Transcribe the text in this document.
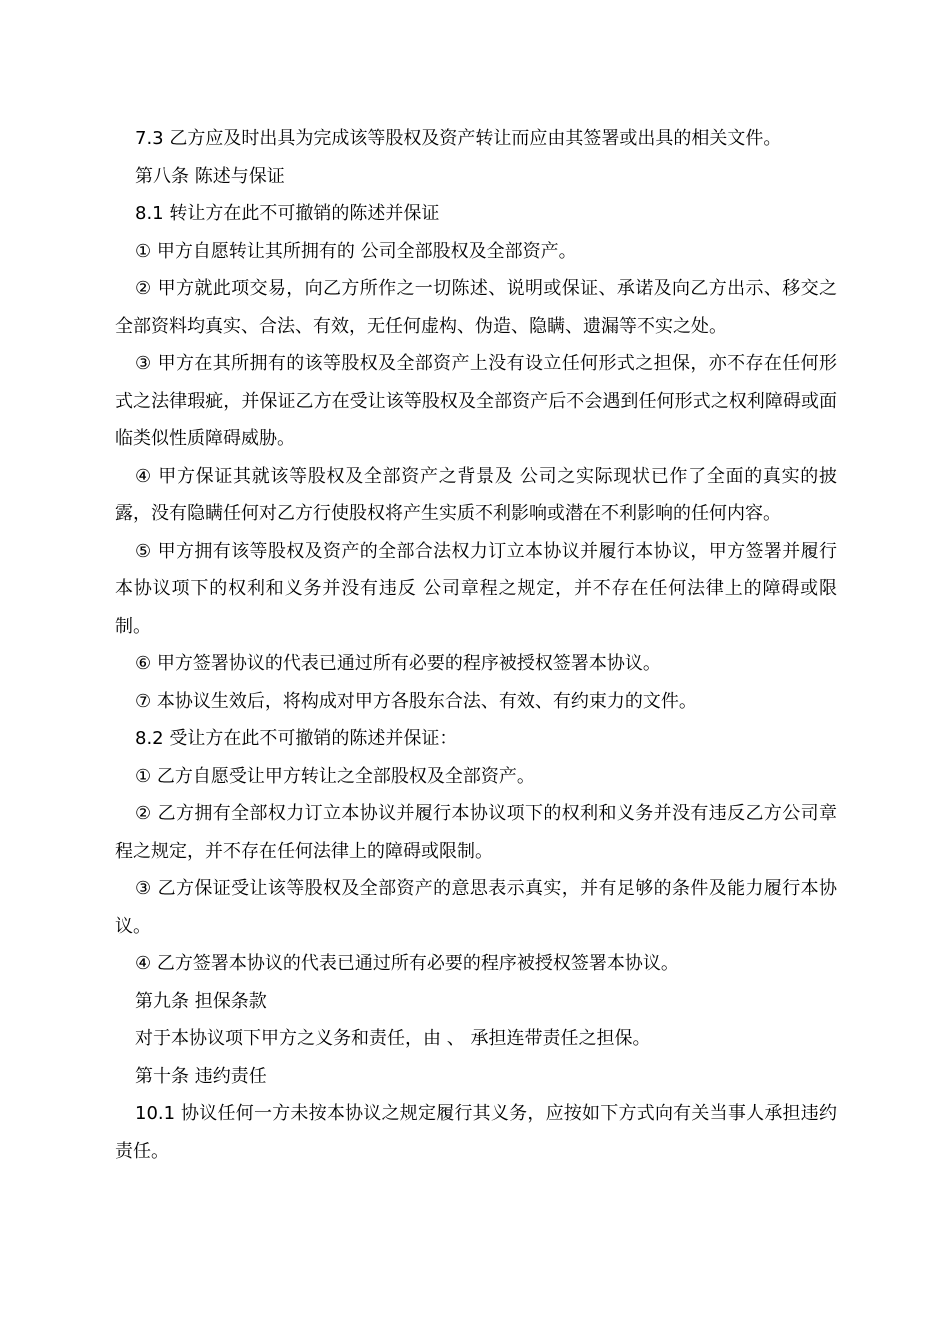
7.3 乙方应及时出具为完成该等股权及资产转让而应由其签署或出具的相关文件。

第八条 陈述与保证

8.1 转让方在此不可撤销的陈述并保证

① 甲方自愿转让其所拥有的 公司全部股权及全部资产。

② 甲方就此项交易，向乙方所作之一切陈述、说明或保证、承诺及向乙方出示、移交之全部资料均真实、合法、有效，无任何虚构、伪造、隐瞒、遗漏等不实之处。

③ 甲方在其所拥有的该等股权及全部资产上没有设立任何形式之担保，亦不存在任何形式之法律瑕疵，并保证乙方在受让该等股权及全部资产后不会遇到任何形式之权利障碍或面临类似性质障碍威胁。

④ 甲方保证其就该等股权及全部资产之背景及 公司之实际现状已作了全面的真实的披露，没有隐瞒任何对乙方行使股权将产生实质不利影响或潜在不利影响的任何内容。

⑤ 甲方拥有该等股权及资产的全部合法权力订立本协议并履行本协议，甲方签署并履行本协议项下的权利和义务并没有违反 公司章程之规定，并不存在任何法律上的障碍或限制。

⑥ 甲方签署协议的代表已通过所有必要的程序被授权签署本协议。

⑦ 本协议生效后，将构成对甲方各股东合法、有效、有约束力的文件。

8.2 受让方在此不可撤销的陈述并保证：

① 乙方自愿受让甲方转让之全部股权及全部资产。

② 乙方拥有全部权力订立本协议并履行本协议项下的权利和义务并没有违反乙方公司章程之规定，并不存在任何法律上的障碍或限制。

③ 乙方保证受让该等股权及全部资产的意思表示真实，并有足够的条件及能力履行本协议。

④ 乙方签署本协议的代表已通过所有必要的程序被授权签署本协议。

第九条 担保条款

对于本协议项下甲方之义务和责任，由 、 承担连带责任之担保。

第十条 违约责任

10.1 协议任何一方未按本协议之规定履行其义务，应按如下方式向有关当事人承担违约责任。
